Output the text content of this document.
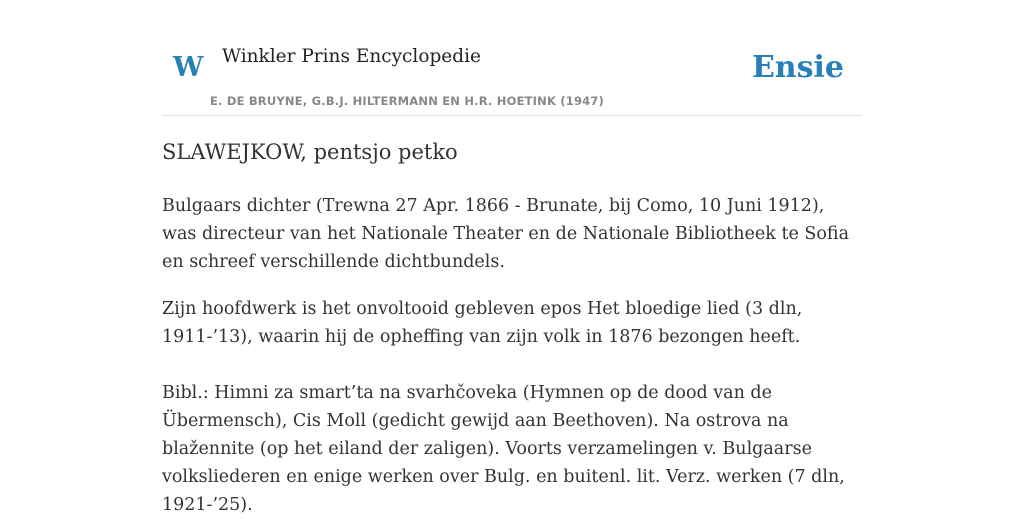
W Winkler Prins Encyclopedie	Ensie
E. DE BRUYNE, G.B.J. HILTERMANN EN H.R. HOETINK (1947)
SLAWEJKOW, pentsjo petko

Bulgaars dichter (Trewna 27 Apr. 1866 - Brunate, bij Como, 10 Juni 1912), was directeur van het Nationale Theater en de Nationale Bibliotheek te Sofia en schreef verschillende dichtbundels.

Zijn hoofdwerk is het onvoltooid gebleven epos Het bloedige lied (3 dln, 1911-’13), waarin hij de opheffing van zijn volk in 1876 bezongen heeft.

Bibl.: Himni za smart’ta na svarhčoveka (Hymnen op de dood van de Übermensch), Cis Moll (gedicht gewijd aan Beethoven). Na ostrova na blažennite (op het eiland der zaligen). Voorts verzamelingen v. Bulgaarse volksliederen en enige werken over Bulg. en buitenl. lit. Verz. werken (7 dln, 1921-’25).
